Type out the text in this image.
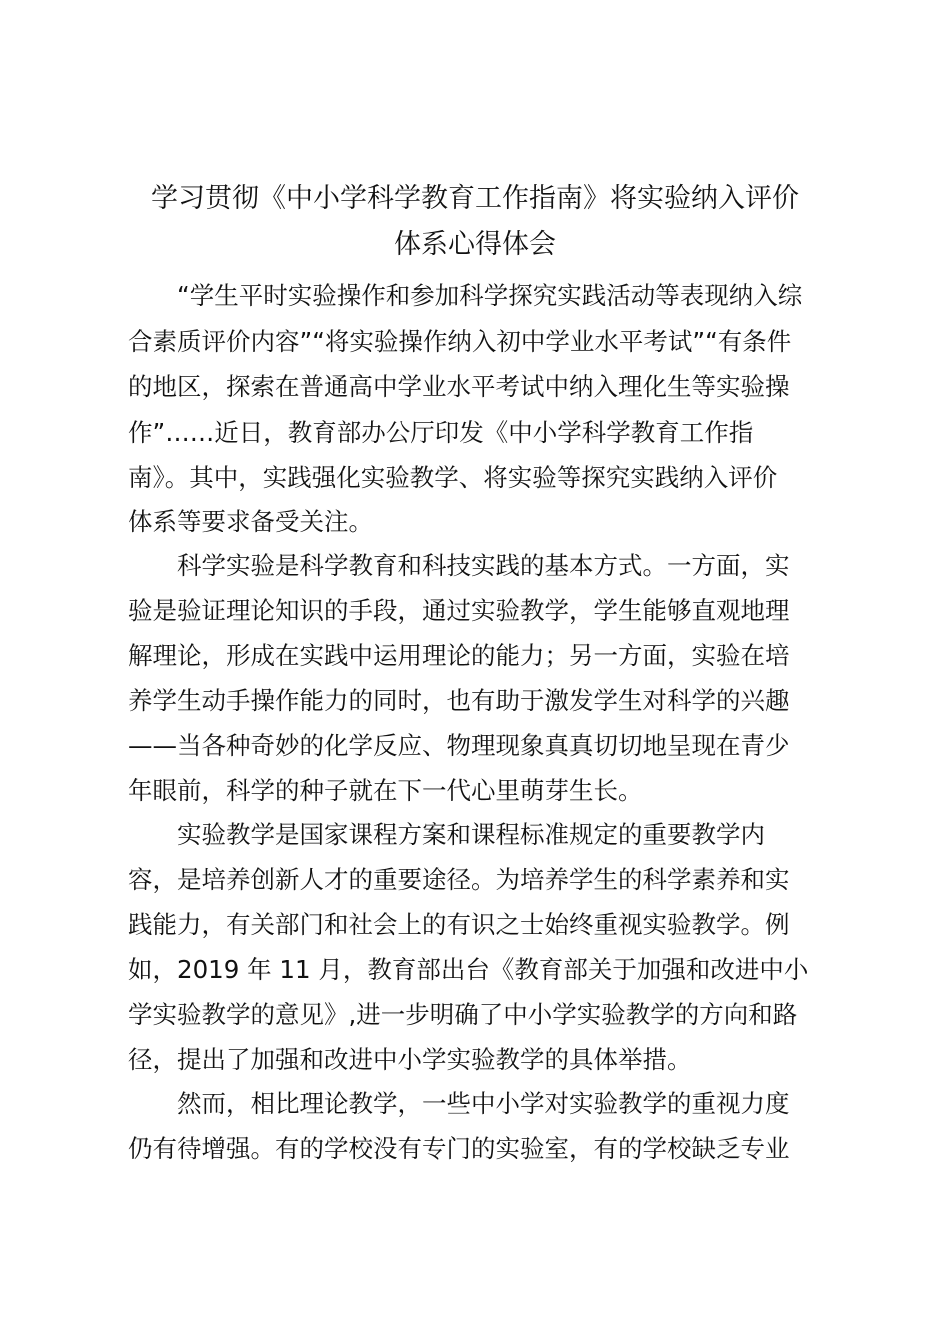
学习贯彻《中小学科学教育工作指南》将实验纳入评价
体系心得体会

“学生平时实验操作和参加科学探究实践活动等表现纳入综

合素质评价内容”“将实验操作纳入初中学业水平考试”“有条件

的地区，探索在普通高中学业水平考试中纳入理化生等实验操

作”……近日，教育部办公厅印发《中小学科学教育工作指

南》。其中，实践强化实验教学、将实验等探究实践纳入评价

体系等要求备受关注。

科学实验是科学教育和科技实践的基本方式。一方面，实

验是验证理论知识的手段，通过实验教学，学生能够直观地理

解理论，形成在实践中运用理论的能力；另一方面，实验在培

养学生动手操作能力的同时，也有助于激发学生对科学的兴趣

——当各种奇妙的化学反应、物理现象真真切切地呈现在青少

年眼前，科学的种子就在下一代心里萌芽生长。

实验教学是国家课程方案和课程标准规定的重要教学内

容，是培养创新人才的重要途径。为培养学生的科学素养和实

践能力，有关部门和社会上的有识之士始终重视实验教学。例

如，2019 年 11 月，教育部出台《教育部关于加强和改进中小

学实验教学的意见》,进一步明确了中小学实验教学的方向和路

径，提出了加强和改进中小学实验教学的具体举措。

然而，相比理论教学，一些中小学对实验教学的重视力度

仍有待增强。有的学校没有专门的实验室，有的学校缺乏专业
